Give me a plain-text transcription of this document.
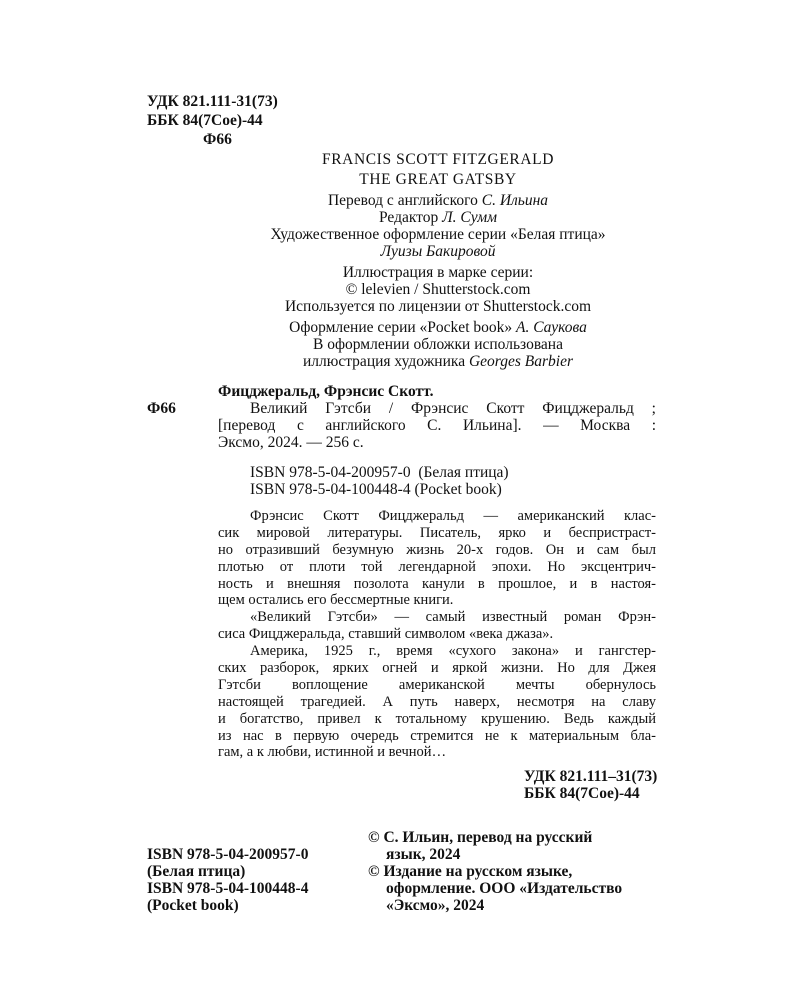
УДК 821.111-31(73)
ББК 84(7Сое)-44
Ф66
FRANCIS SCOTT FITZGERALD
THE GREAT GATSBY
Перевод с английского С. Ильина
Редактор Л. Сумм
Художественное оформление серии «Белая птица»
Луизы Бакировой
Иллюстрация в марке серии:
© lelevien / Shutterstock.com
Используется по лицензии от Shutterstock.com
Оформление серии «Pocket book» А. Саукова
В оформлении обложки использована
иллюстрация художника Georges Barbier
Фицджеральд, Фрэнсис Скотт.
Ф66	Великий Гэтсби / Фрэнсис Скотт Фицджеральд ;
[перевод с английского С. Ильина]. — Москва :
Эксмо, 2024. — 256 с.
ISBN 978-5-04-200957-0  (Белая птица)
ISBN 978-5-04-100448-4 (Pocket book)
Фрэнсис Скотт Фицджеральд — американский клас-
сик мировой литературы. Писатель, ярко и беспристраст-
но отразивший безумную жизнь 20-х годов. Он и сам был
плотью от плоти той легендарной эпохи. Но эксцентрич-
ность и внешняя позолота канули в прошлое, и в настоя-
щем остались его бессмертные книги.
«Великий Гэтсби» — самый известный роман Фрэн-
сиса Фицджеральда, ставший символом «века джаза».
Америка, 1925 г., время «сухого закона» и гангстер-
ских разборок, ярких огней и яркой жизни. Но для Джея
Гэтсби воплощение американской мечты обернулось
настоящей трагедией. А путь наверх, несмотря на славу
и богатство, привел к тотальному крушению. Ведь каждый
из нас в первую очередь стремится не к материальным бла-
гам, а к любви, истинной и вечной…
УДК 821.111–31(73)
ББК 84(7Сое)-44
ISBN 978-5-04-200957-0
(Белая птица)
ISBN 978-5-04-100448-4
(Pocket book)
© С. Ильин, перевод на русский
язык, 2024
© Издание на русском языке,
оформление. ООО «Издательство
«Эксмо», 2024
